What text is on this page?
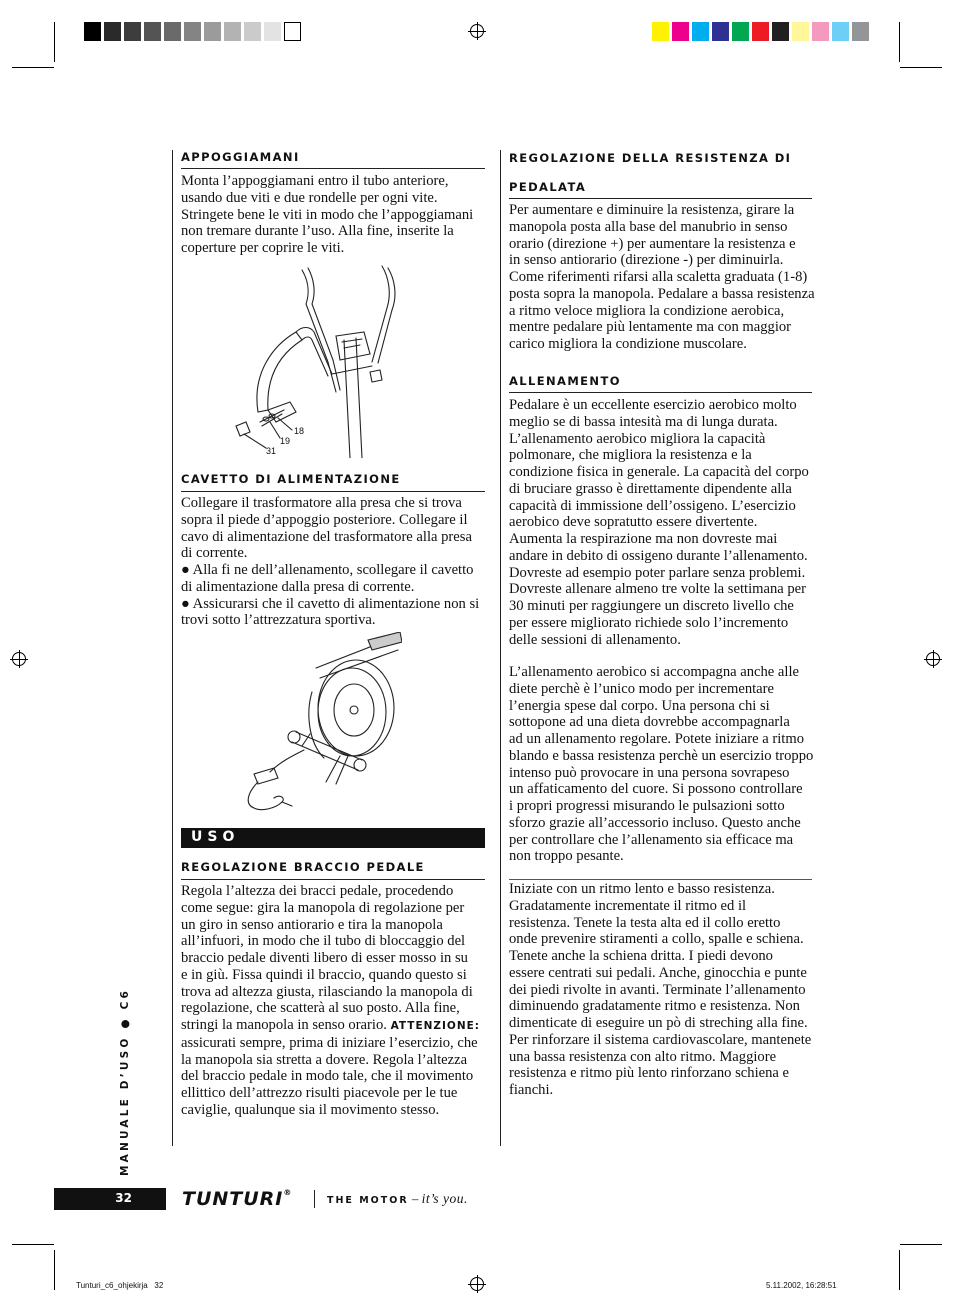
APPOGGIAMANI

Monta l’appoggiamani entro il tubo anteriore,

usando due viti e due rondelle per ogni vite.

Stringete bene le viti in modo che l’appoggiamani

non tremare durante l’uso. Alla fine, inserite la

coperture per coprire le viti.

18
19
31
CAVETTO DI ALIMENTAZIONE

Collegare il trasformatore alla presa che si trova

sopra il piede d’appoggio posteriore. Collegare il

cavo di alimentazione del trasformatore alla presa

di corrente.

● Alla fi ne dell’allenamento, scollegare il cavetto

di alimentazione dalla presa di corrente.

● Assicurarsi che il cavetto di alimentazione non si

trovi sotto l’attrezzatura sportiva.

USO
REGOLAZIONE BRACCIO PEDALE

Regola l’altezza dei bracci pedale, procedendo

come segue: gira la manopola di regolazione per

un giro in senso antiorario e tira la manopola

all’infuori, in modo che il tubo di bloccaggio del

braccio pedale diventi libero di esser mosso in su

e in giù. Fissa quindi il braccio, quando questo si

trova ad altezza giusta, rilasciando la manopola di

regolazione, che scatterà al suo posto. Alla fine,

stringi la manopola in senso orario. ATTENZIONE:

assicurati sempre, prima di iniziare l’esercizio, che

la manopola sia stretta a dovere. Regola l’altezza

del braccio pedale in modo tale, che il movimento

ellittico dell’attrezzo risulti piacevole per le tue

caviglie, qualunque sia il movimento stesso.

REGOLAZIONE DELLA RESISTENZA DI
PEDALATA

Per aumentare e diminuire la resistenza, girare la

manopola posta alla base del manubrio in senso

orario (direzione +) per aumentare la resistenza e

in senso antiorario (direzione -) per diminuirla.

Come riferimenti rifarsi alla scaletta graduata (1-8)

posta sopra la manopola. Pedalare a bassa resistenza

a ritmo veloce migliora la condizione aerobica,

mentre pedalare più lentamente ma con maggior

carico migliora la condizione muscolare.

ALLENAMENTO

Pedalare è un eccellente esercizio aerobico molto

meglio se di bassa intesità ma di lunga durata.

L’allenamento aerobico migliora la capacità

polmonare, che migliora la resistenza e la

condizione fisica in generale. La capacità del corpo

di bruciare grasso è direttamente dipendente alla

capacità di immissione dell’ossigeno. L’esercizio

aerobico deve sopratutto essere divertente.

Aumenta la respirazione ma non dovreste mai

andare in debito di ossigeno durante l’allenamento.

Dovreste ad esempio poter parlare senza problemi.

Dovreste allenare almeno tre volte la settimana per

30 minuti per raggiungere un discreto livello che

per essere migliorato richiede solo l’incremento

delle sessioni di allenamento.

L’allenamento aerobico si accompagna anche alle

diete perchè è l’unico modo per incrementare

l’energia spese dal corpo. Una persona chi si

sottopone ad una dieta dovrebbe accompagnarla

ad un allenamento regolare. Potete iniziare a ritmo

blando e bassa resistenza perchè un esercizio troppo

intenso può provocare in una persona sovrapeso

un affaticamento del cuore. Si possono controllare

i propri progressi misurando le pulsazioni sotto

sforzo grazie all’accessorio incluso. Questo anche

per controllare che l’allenamento sia efficace ma

non troppo pesante.

Iniziate con un ritmo lento e basso resistenza.

Gradatamente incrementate il ritmo ed il

resistenza. Tenete la testa alta ed il collo eretto

onde prevenire stiramenti a collo, spalle e schiena.

Tenete anche la schiena dritta. I piedi devono

essere centrati sui pedali. Anche, ginocchia e punte

dei piedi rivolte in avanti. Terminate l’allenamento

diminuendo gradatamente ritmo e resistenza. Non

dimenticate di eseguire un pò di streching alla fine.

Per rinforzare il sistema cardiovascolare, mantenete

una bassa resistenza con alto ritmo. Maggiore

resistenza e ritmo più lento rinforzano schiena e

fianchi.

MANUALE D’USO ● C6
32	TUNTURI®
THE MOTOR – it’s you.
Tunturi_c6_ohjekirja   32	5.11.2002, 16:28:51
